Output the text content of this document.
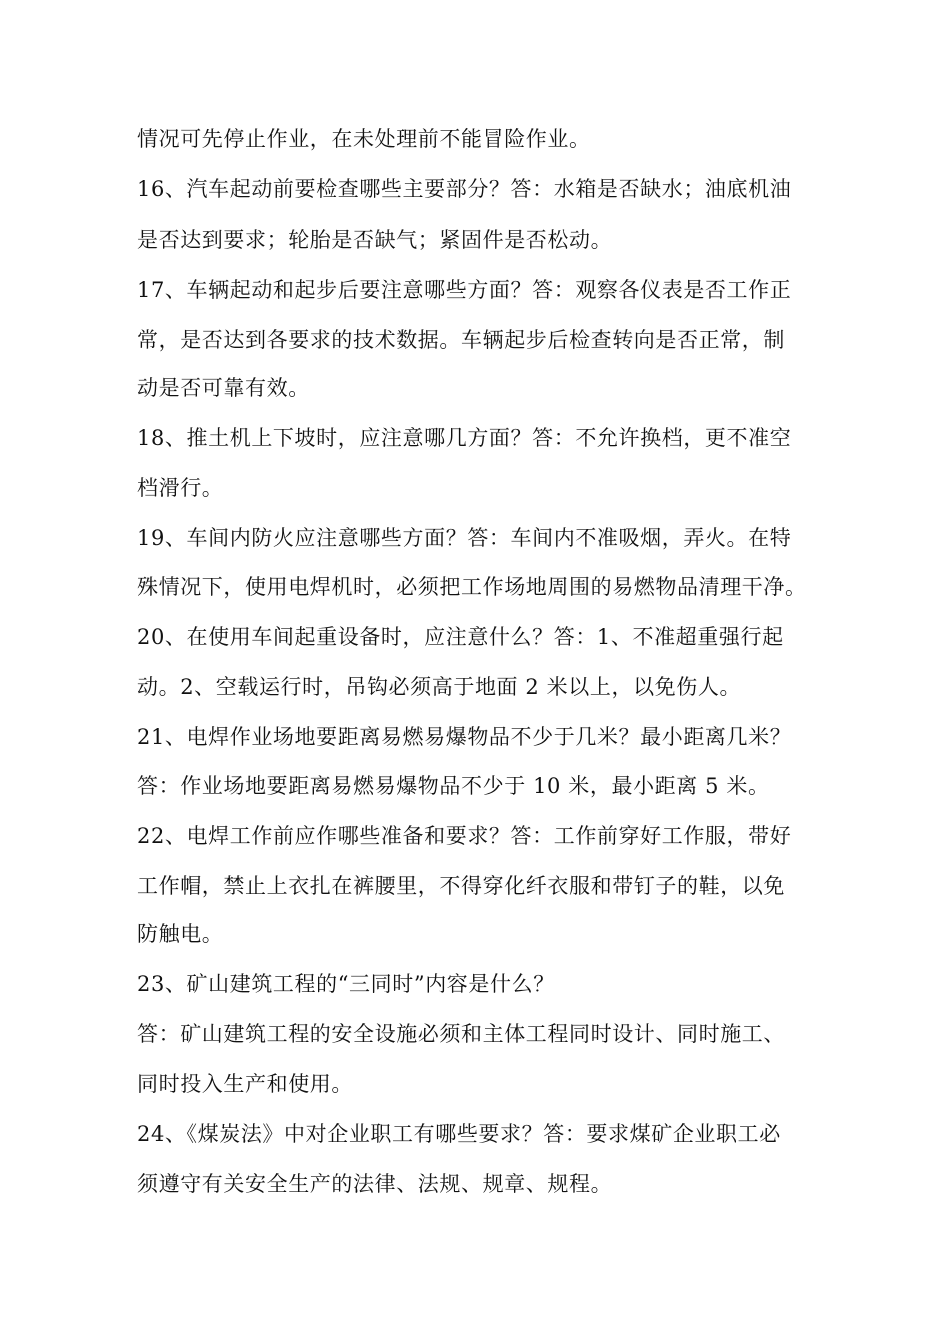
情况可先停止作业，在未处理前不能冒险作业。
16、汽车起动前要检查哪些主要部分？答：水箱是否缺水；油底机油
是否达到要求；轮胎是否缺气；紧固件是否松动。
17、车辆起动和起步后要注意哪些方面？答：观察各仪表是否工作正
常，是否达到各要求的技术数据。车辆起步后检查转向是否正常，制
动是否可靠有效。
18、推土机上下坡时，应注意哪几方面？答：不允许换档，更不准空
档滑行。
19、车间内防火应注意哪些方面？答：车间内不准吸烟，弄火。在特
殊情况下，使用电焊机时，必须把工作场地周围的易燃物品清理干净。
20、在使用车间起重设备时，应注意什么？答：1、不准超重强行起
动。2、空载运行时，吊钩必须高于地面 2 米以上，以免伤人。
21、电焊作业场地要距离易燃易爆物品不少于几米？最小距离几米？
答：作业场地要距离易燃易爆物品不少于 10 米，最小距离 5 米。
22、电焊工作前应作哪些准备和要求？答：工作前穿好工作服，带好
工作帽，禁止上衣扎在裤腰里，不得穿化纤衣服和带钉子的鞋，以免
防触电。
23、矿山建筑工程的“三同时”内容是什么？
答：矿山建筑工程的安全设施必须和主体工程同时设计、同时施工、
同时投入生产和使用。
24、《煤炭法》中对企业职工有哪些要求？答：要求煤矿企业职工必
须遵守有关安全生产的法律、法规、规章、规程。
